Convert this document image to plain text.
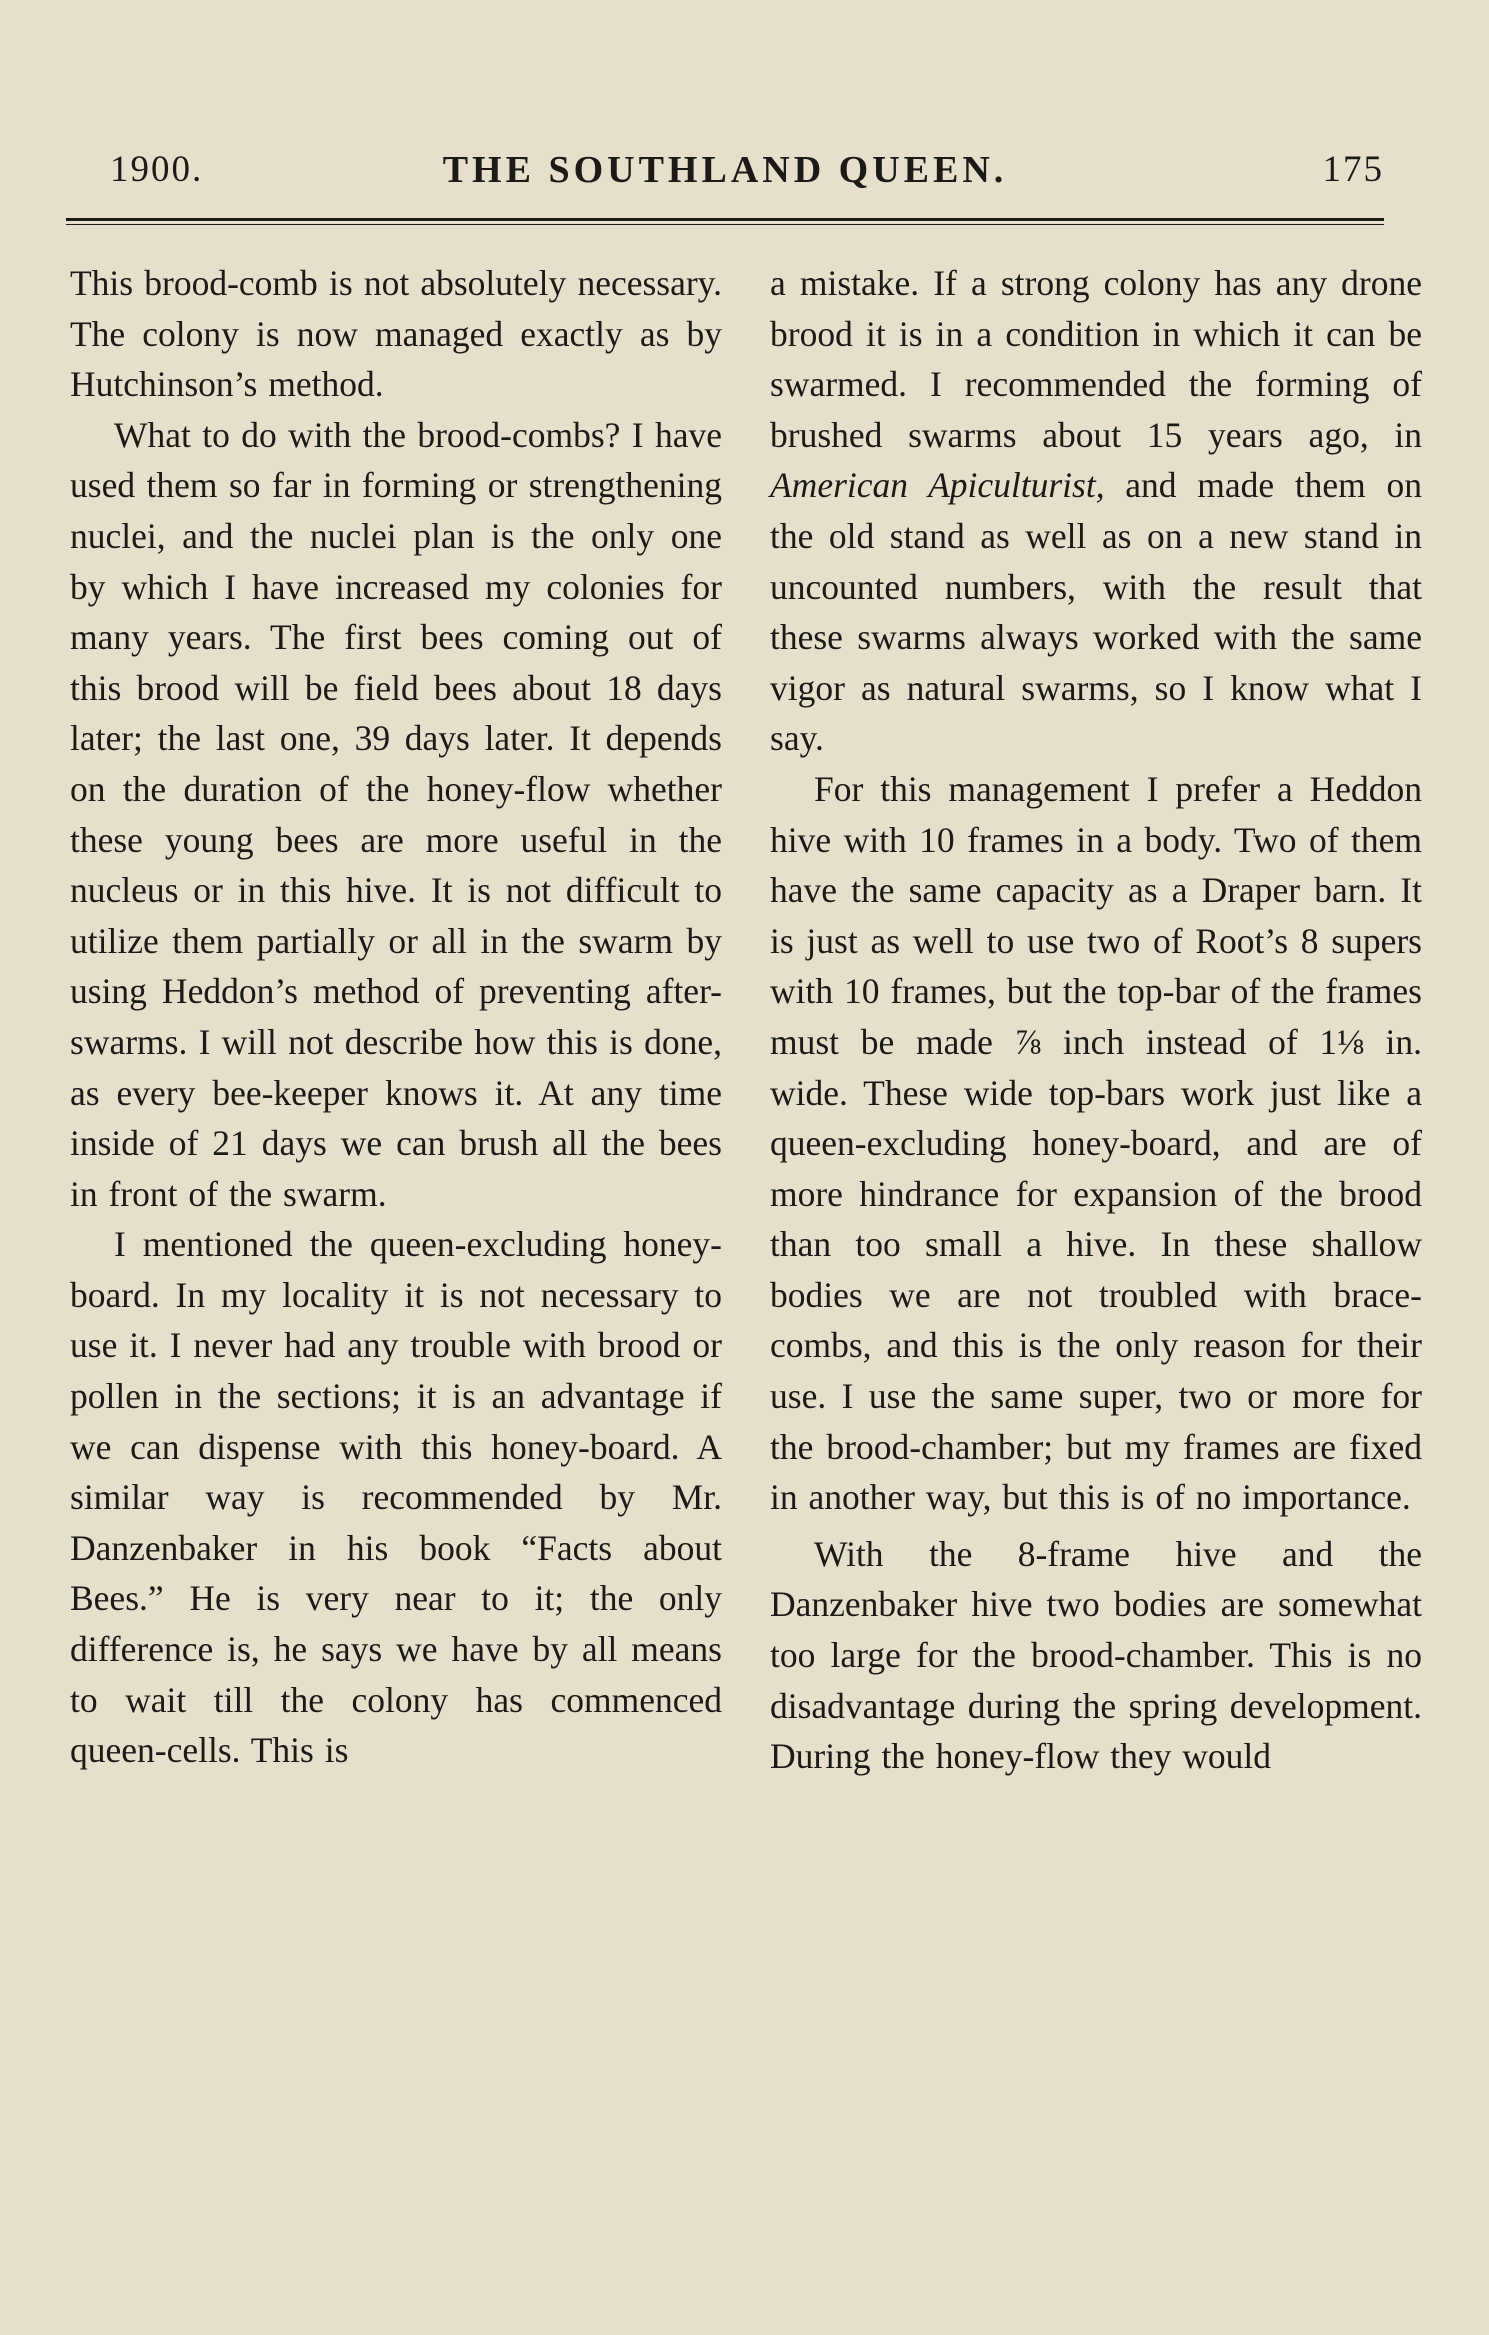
1900.	THE SOUTHLAND QUEEN.	175

This brood-comb is not absolutely necessary. The colony is now managed exactly as by Hutchinson’s method.

What to do with the brood-combs? I have used them so far in forming or strengthening nuclei, and the nuclei plan is the only one by which I have increased my colonies for many years. The first bees coming out of this brood will be field bees about 18 days later; the last one, 39 days later. It depends on the duration of the honey-flow whether these young bees are more useful in the nucleus or in this hive. It is not difficult to utilize them partially or all in the swarm by using Heddon’s method of preventing after-swarms. I will not describe how this is done, as every bee-keeper knows it. At any time inside of 21 days we can brush all the bees in front of the swarm.

I mentioned the queen-excluding honey-board. In my locality it is not necessary to use it. I never had any trouble with brood or pollen in the sections; it is an advantage if we can dispense with this honey-board. A similar way is recommended by Mr. Danzenbaker in his book “Facts about Bees.” He is very near to it; the only difference is, he says we have by all means to wait till the colony has commenced queen-cells. This is

a mistake. If a strong colony has any drone brood it is in a condition in which it can be swarmed. I recommended the forming of brushed swarms about 15 years ago, in American Apiculturist, and made them on the old stand as well as on a new stand in uncounted numbers, with the result that these swarms always worked with the same vigor as natural swarms, so I know what I say.

For this management I prefer a Heddon hive with 10 frames in a body. Two of them have the same capacity as a Draper barn. It is just as well to use two of Root’s 8 supers with 10 frames, but the top-bar of the frames must be made ⅞ inch instead of 1⅛ in. wide. These wide top-bars work just like a queen-excluding honey-board, and are of more hindrance for expansion of the brood than too small a hive. In these shallow bodies we are not troubled with brace-combs, and this is the only reason for their use. I use the same super, two or more for the brood-chamber; but my frames are fixed in another way, but this is of no importance.

With the 8-frame hive and the Danzenbaker hive two bodies are somewhat too large for the brood-chamber. This is no disadvantage during the spring development. During the honey-flow they would
